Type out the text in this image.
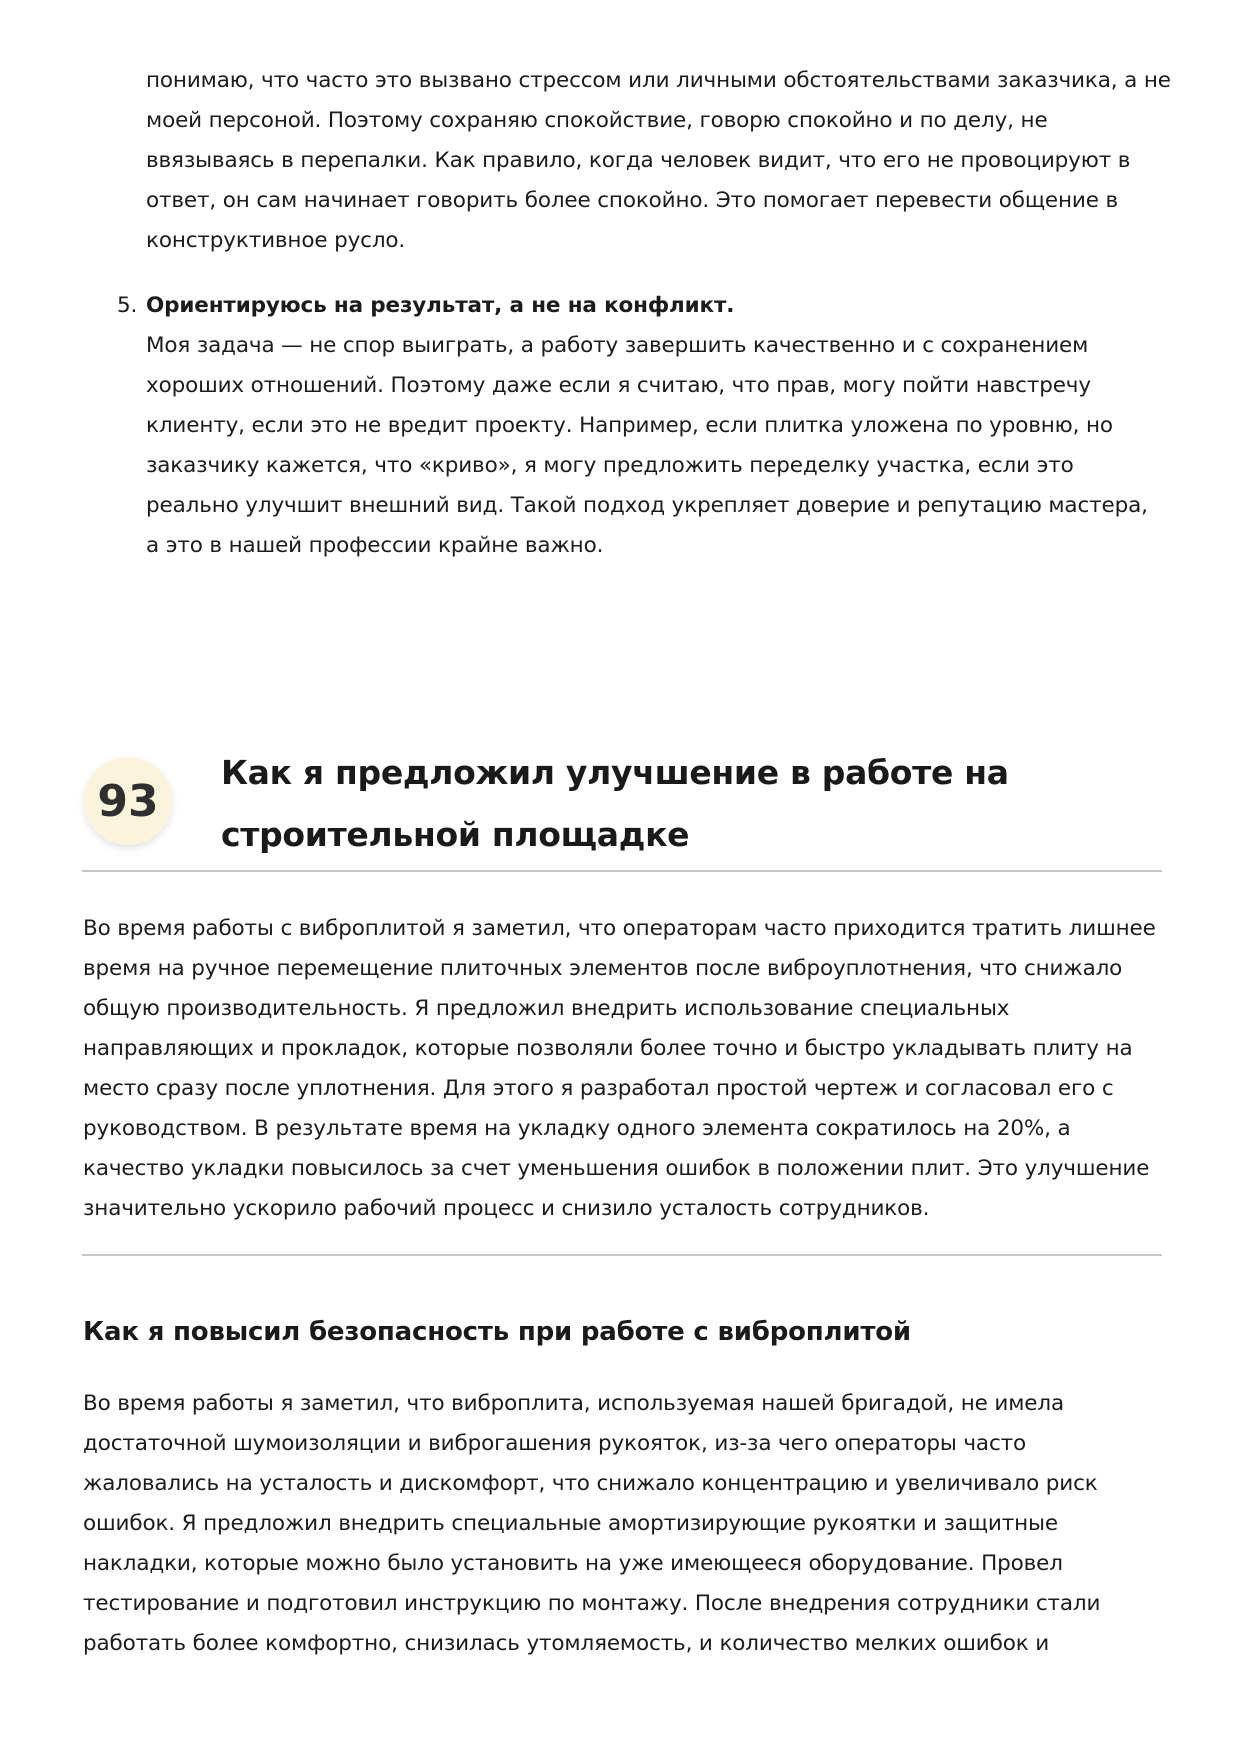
понимаю, что часто это вызвано стрессом или личными обстоятельствами заказчика, а не моей персоной. Поэтому сохраняю спокойствие, говорю спокойно и по делу, не ввязываясь в перепалки. Как правило, когда человек видит, что его не провоцируют в ответ, он сам начинает говорить более спокойно. Это помогает перевести общение в конструктивное русло.

5. Ориентируюсь на результат, а не на конфликт.
Моя задача — не спор выиграть, а работу завершить качественно и с сохранением хороших отношений. Поэтому даже если я считаю, что прав, могу пойти навстречу клиенту, если это не вредит проекту. Например, если плитка уложена по уровню, но заказчику кажется, что «криво», я могу предложить переделку участка, если это реально улучшит внешний вид. Такой подход укрепляет доверие и репутацию мастера, а это в нашей профессии крайне важно.
93
Как я предложил улучшение в работе на строительной площадке

Во время работы с виброплитой я заметил, что операторам часто приходится тратить лишнее время на ручное перемещение плиточных элементов после виброуплотнения, что снижало общую производительность. Я предложил внедрить использование специальных направляющих и прокладок, которые позволяли более точно и быстро укладывать плиту на место сразу после уплотнения. Для этого я разработал простой чертеж и согласовал его с руководством. В результате время на укладку одного элемента сократилось на 20%, а качество укладки повысилось за счет уменьшения ошибок в положении плит. Это улучшение значительно ускорило рабочий процесс и снизило усталость сотрудников.

Как я повысил безопасность при работе с виброплитой

Во время работы я заметил, что виброплита, используемая нашей бригадой, не имела достаточной шумоизоляции и виброгашения рукояток, из-за чего операторы часто жаловались на усталость и дискомфорт, что снижало концентрацию и увеличивало риск ошибок. Я предложил внедрить специальные амортизирующие рукоятки и защитные накладки, которые можно было установить на уже имеющееся оборудование. Провел тестирование и подготовил инструкцию по монтажу. После внедрения сотрудники стали работать более комфортно, снизилась утомляемость, и количество мелких ошибок и
